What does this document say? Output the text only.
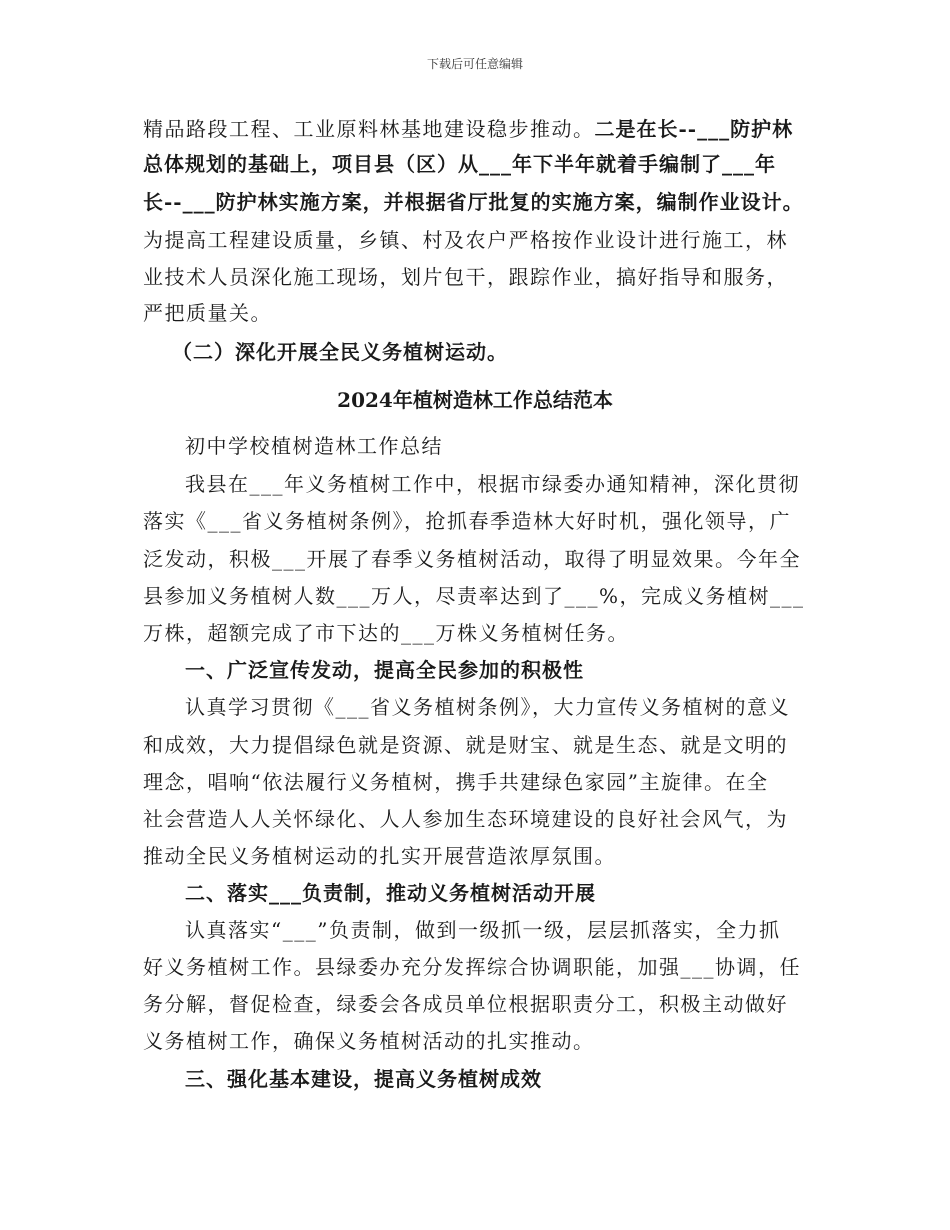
下载后可任意编辑
精品路段工程、工业原料林基地建设稳步推动。二是在长--___防护林
总体规划的基础上，项目县（区）从___年下半年就着手编制了___年
长--___防护林实施方案，并根据省厅批复的实施方案，编制作业设计。
为提高工程建设质量，乡镇、村及农户严格按作业设计进行施工，林
业技术人员深化施工现场，划片包干，跟踪作业，搞好指导和服务，
严把质量关。
（二）深化开展全民义务植树运动。
2024年植树造林工作总结范本
初中学校植树造林工作总结
我县在___年义务植树工作中，根据市绿委办通知精神，深化贯彻
落实《___省义务植树条例》，抢抓春季造林大好时机，强化领导，广
泛发动，积极___开展了春季义务植树活动，取得了明显效果。今年全
县参加义务植树人数___万人，尽责率达到了___%，完成义务植树___
万株，超额完成了市下达的___万株义务植树任务。
一、广泛宣传发动，提高全民参加的积极性
认真学习贯彻《___省义务植树条例》，大力宣传义务植树的意义
和成效，大力提倡绿色就是资源、就是财宝、就是生态、就是文明的
理念，唱响“依法履行义务植树，携手共建绿色家园”主旋律。在全
社会营造人人关怀绿化、人人参加生态环境建设的良好社会风气，为
推动全民义务植树运动的扎实开展营造浓厚氛围。
二、落实___负责制，推动义务植树活动开展
认真落实“___”负责制，做到一级抓一级，层层抓落实，全力抓
好义务植树工作。县绿委办充分发挥综合协调职能，加强___协调，任
务分解，督促检查，绿委会各成员单位根据职责分工，积极主动做好
义务植树工作，确保义务植树活动的扎实推动。
三、强化基本建设，提高义务植树成效
